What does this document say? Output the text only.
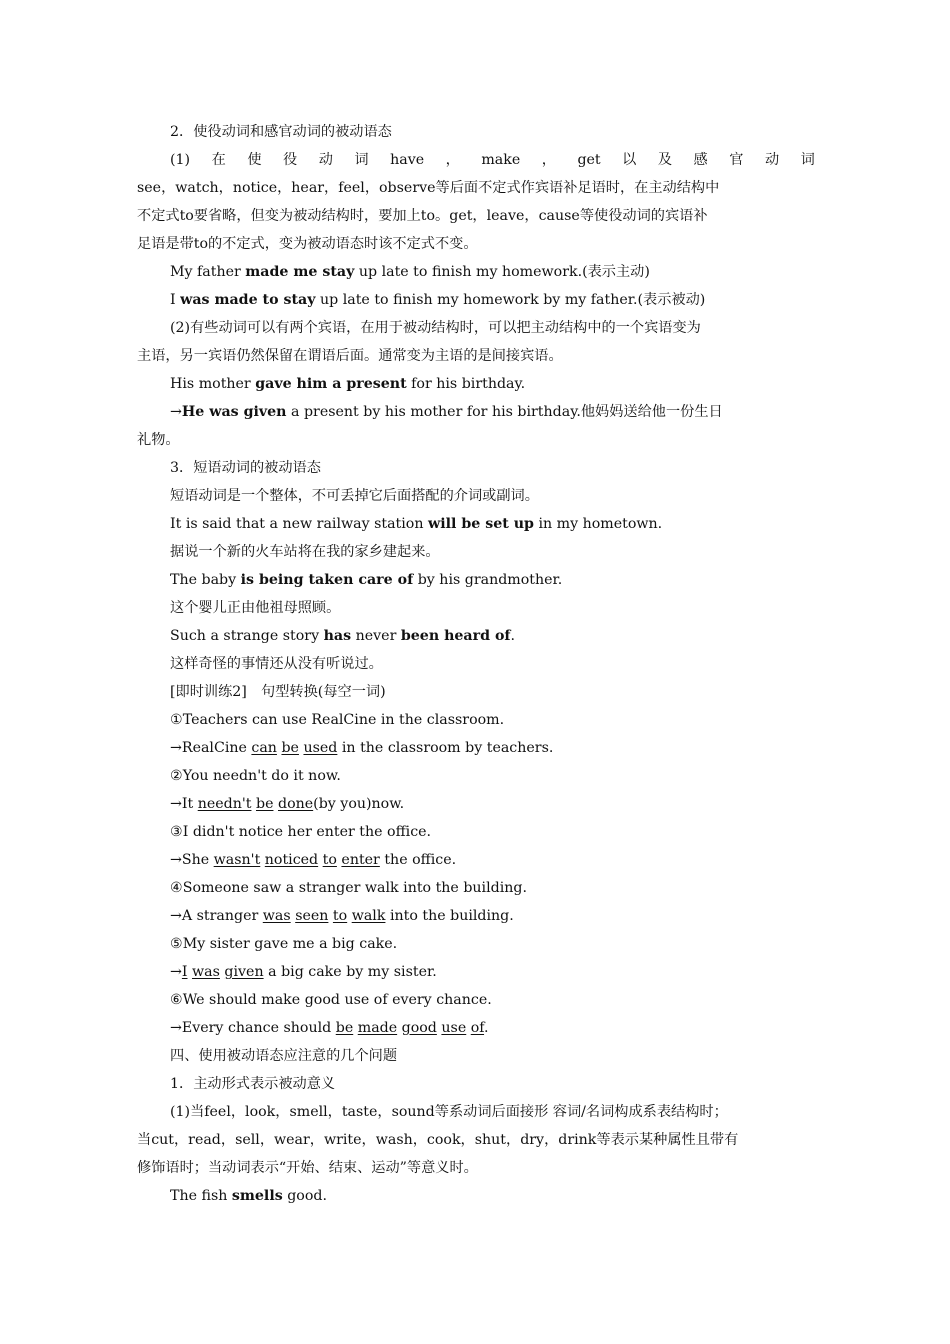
2．使役动词和感官动词的被动语态
(1) 在 使 役 动 词 have ， make ， get 以 及 感 官 动 词
see，watch，notice，hear，feel，observe等后面不定式作宾语补足语时，在主动结构中
不定式to要省略，但变为被动结构时，要加上to。get，leave，cause等使役动词的宾语补
足语是带to的不定式，变为被动语态时该不定式不变。
My father made me stay up late to finish my homework.(表示主动)
I was made to stay up late to finish my homework by my father.(表示被动)
(2)有些动词可以有两个宾语，在用于被动结构时，可以把主动结构中的一个宾语变为
主语，另一宾语仍然保留在谓语后面。通常变为主语的是间接宾语。
His mother gave him a present for his birthday.
→He was given a present by his mother for his birthday.他妈妈送给他一份生日
礼物。
3．短语动词的被动语态
短语动词是一个整体，不可丢掉它后面搭配的介词或副词。
It is said that a new railway station will be set up in my hometown.
据说一个新的火车站将在我的家乡建起来。
The baby is being taken care of by his grandmother.
这个婴儿正由他祖母照顾。
Such a strange story has never been heard of.
这样奇怪的事情还从没有听说过。
[即时训练2]　句型转换(每空一词)
①Teachers can use RealCine in the classroom.
→RealCine can be used in the classroom by teachers.
②You needn't do it now.
→It needn't be done(by you)now.
③I didn't notice her enter the office.
→She wasn't noticed to enter the office.
④Someone saw a stranger walk into the building.
→A stranger was seen to walk into the building.
⑤My sister gave me a big cake.
→I was given a big cake by my sister.
⑥We should make good use of every chance.
→Every chance should be made good use of.
四、使用被动语态应注意的几个问题
1．主动形式表示被动意义
(1)当feel，look，smell，taste，sound等系动词后面接形 容词/名词构成系表结构时；
当cut，read，sell，wear，write，wash，cook，shut，dry，drink等表示某种属性且带有
修饰语时；当动词表示“开始、结束、运动”等意义时。
The fish smells good.
